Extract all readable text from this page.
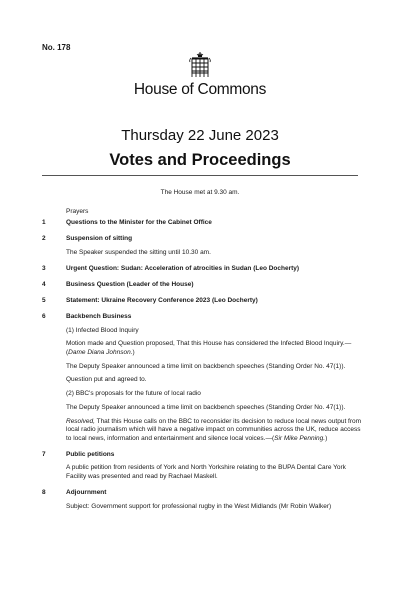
No. 178
House of Commons
Thursday 22 June 2023
Votes and Proceedings
The House met at 9.30 am.
Prayers
1	Questions to the Minister for the Cabinet Office
2	Suspension of sitting
The Speaker suspended the sitting until 10.30 am.
3	Urgent Question: Sudan: Acceleration of atrocities in Sudan (Leo Docherty)
4	Business Question (Leader of the House)
5	Statement: Ukraine Recovery Conference 2023 (Leo Docherty)
6	Backbench Business
(1) Infected Blood Inquiry
Motion made and Question proposed, That this House has considered the Infected Blood Inquiry.—(Dame Diana Johnson.)
The Deputy Speaker announced a time limit on backbench speeches (Standing Order No. 47(1)).
Question put and agreed to.
(2) BBC's proposals for the future of local radio
The Deputy Speaker announced a time limit on backbench speeches (Standing Order No. 47(1)).
Resolved, That this House calls on the BBC to reconsider its decision to reduce local news output from local radio journalism which will have a negative impact on communities across the UK, reduce access to local news, information and entertainment and silence local voices.—(Sir Mike Penning.)
7	Public petitions
A public petition from residents of York and North Yorkshire relating to the BUPA Dental Care York Facility was presented and read by Rachael Maskell.
8	Adjournment
Subject: Government support for professional rugby in the West Midlands (Mr Robin Walker)
